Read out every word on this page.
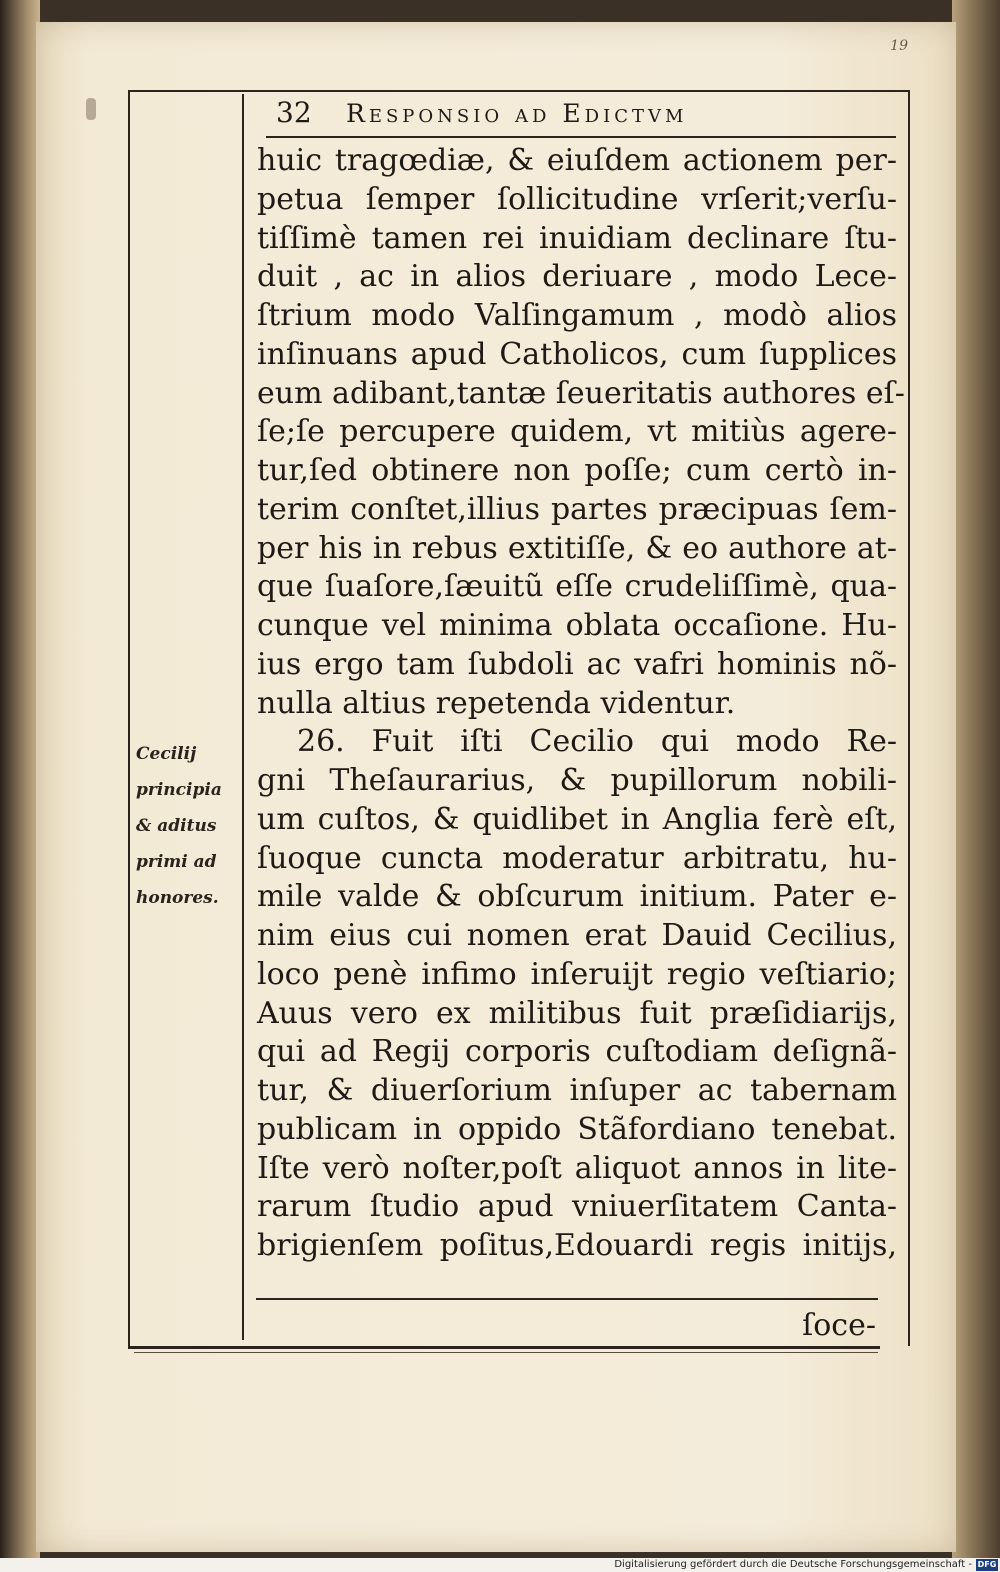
19
32	Responsio ad Edictvm
huic tragœdiæ, & eiuſdem actionem per-
petua ſemper ſollicitudine vrſerit;verſu-
tiſſimè tamen rei inuidiam declinare ſtu-
duit , ac in alios deriuare , modo Lece-
ſtrium modo Valſingamum , modò alios
inſinuans apud Catholicos, cum ſupplices
eum adibant,tantæ ſeueritatis authores eſ-
ſe;ſe percupere quidem, vt mitiùs agere-
tur,ſed obtinere non poſſe; cum certò in-
terim conſtet,illius partes præcipuas ſem-
per his in rebus extitiſſe, & eo authore at-
que ſuaſore,ſæuitũ eſſe crudeliſſimè, qua-
cunque vel minima oblata occaſione. Hu-
ius ergo tam ſubdoli ac vafri hominis nõ-
nulla altius repetenda videntur.
26. Fuit iſti Cecilio qui modo Re-
gni Theſaurarius, & pupillorum nobili-
um cuſtos, & quidlibet in Anglia ferè eſt,
ſuoque cuncta moderatur arbitratu, hu-
mile valde & obſcurum initium. Pater e-
nim eius cui nomen erat Dauid Cecilius,
loco penè infimo inſeruijt regio veſtiario;
Auus vero ex militibus fuit præſidiarijs,
qui ad Regij corporis cuſtodiam deſignã-
tur, & diuerſorium inſuper ac tabernam
publicam in oppido Stãfordiano tenebat.
Iſte verò noſter,poſt aliquot annos in lite-
rarum ſtudio apud vniuerſitatem Canta-
brigienſem poſitus,Edouardi regis initijs,
ſoce-
Cecilij
principia
& aditus
primi ad
honores.
Digitalisierung gefördert durch die Deutsche Forschungsgemeinschaft - DFG
